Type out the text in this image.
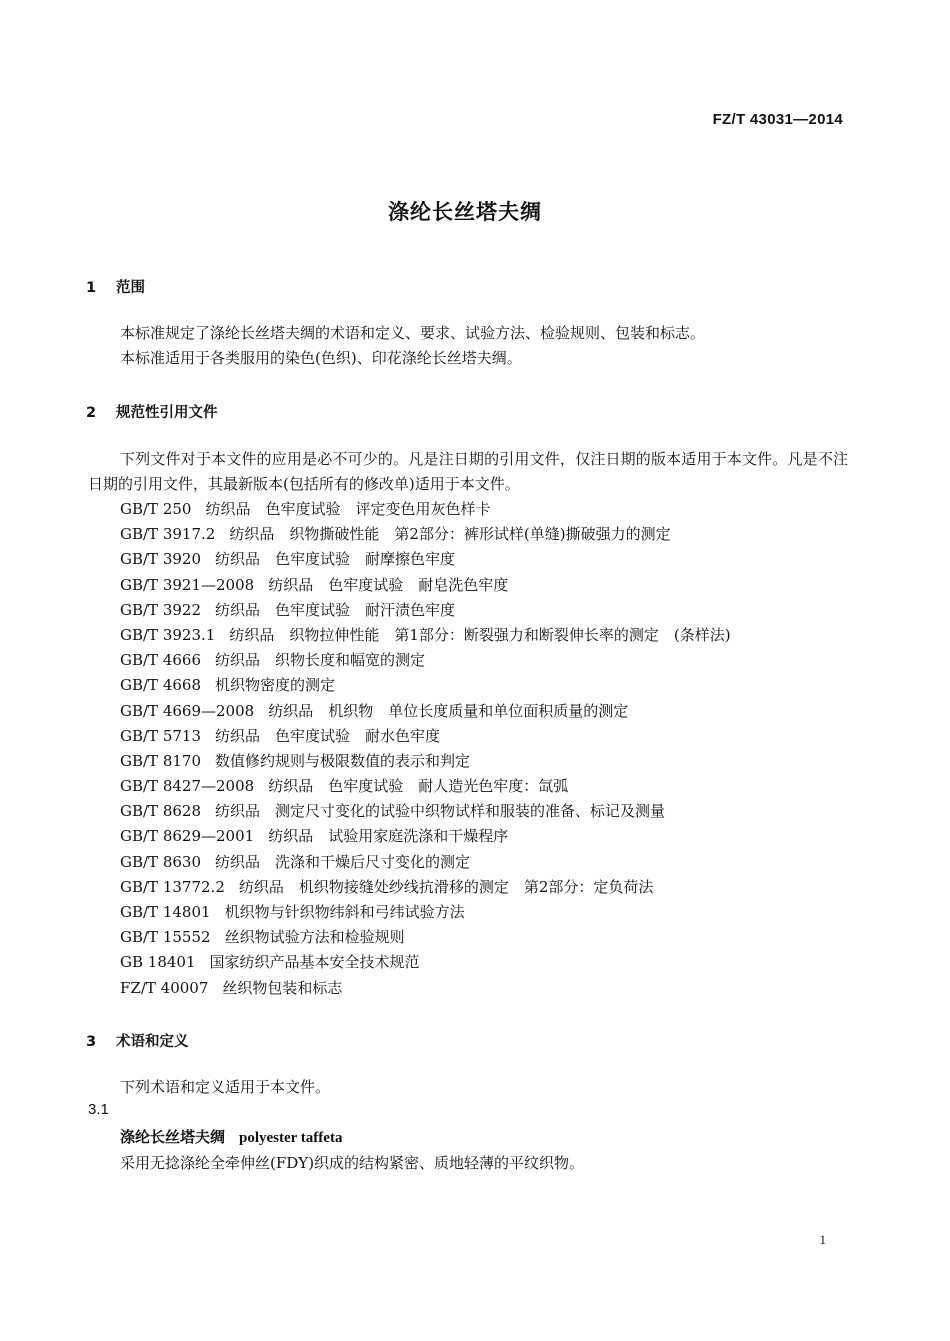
FZ/T 43031—2014
涤纶长丝塔夫绸
1 范围
本标准规定了涤纶长丝塔夫绸的术语和定义、要求、试验方法、检验规则、包装和标志。
本标准适用于各类服用的染色(色织)、印花涤纶长丝塔夫绸。
2 规范性引用文件
下列文件对于本文件的应用是必不可少的。凡是注日期的引用文件，仅注日期的版本适用于本文件。凡是不注日期的引用文件，其最新版本(包括所有的修改单)适用于本文件。
GB/T 250 纺织品　色牢度试验　评定变色用灰色样卡
GB/T 3917.2 纺织品　织物撕破性能　第2部分：裤形试样(单缝)撕破强力的测定
GB/T 3920 纺织品　色牢度试验　耐摩擦色牢度
GB/T 3921—2008 纺织品　色牢度试验　耐皂洗色牢度
GB/T 3922 纺织品　色牢度试验　耐汗渍色牢度
GB/T 3923.1 纺织品　织物拉伸性能　第1部分：断裂强力和断裂伸长率的测定　(条样法)
GB/T 4666 纺织品　织物长度和幅宽的测定
GB/T 4668 机织物密度的测定
GB/T 4669—2008 纺织品　机织物　单位长度质量和单位面积质量的测定
GB/T 5713 纺织品　色牢度试验　耐水色牢度
GB/T 8170 数值修约规则与极限数值的表示和判定
GB/T 8427—2008 纺织品　色牢度试验　耐人造光色牢度：氙弧
GB/T 8628 纺织品　测定尺寸变化的试验中织物试样和服装的准备、标记及测量
GB/T 8629—2001 纺织品　试验用家庭洗涤和干燥程序
GB/T 8630 纺织品　洗涤和干燥后尺寸变化的测定
GB/T 13772.2 纺织品　机织物接缝处纱线抗滑移的测定　第2部分：定负荷法
GB/T 14801 机织物与针织物纬斜和弓纬试验方法
GB/T 15552 丝织物试验方法和检验规则
GB 18401 国家纺织产品基本安全技术规范
FZ/T 40007 丝织物包装和标志
3 术语和定义
下列术语和定义适用于本文件。
3.1
涤纶长丝塔夫绸 polyester taffeta
采用无捻涤纶全牵伸丝(FDY)织成的结构紧密、质地轻薄的平纹织物。
1
